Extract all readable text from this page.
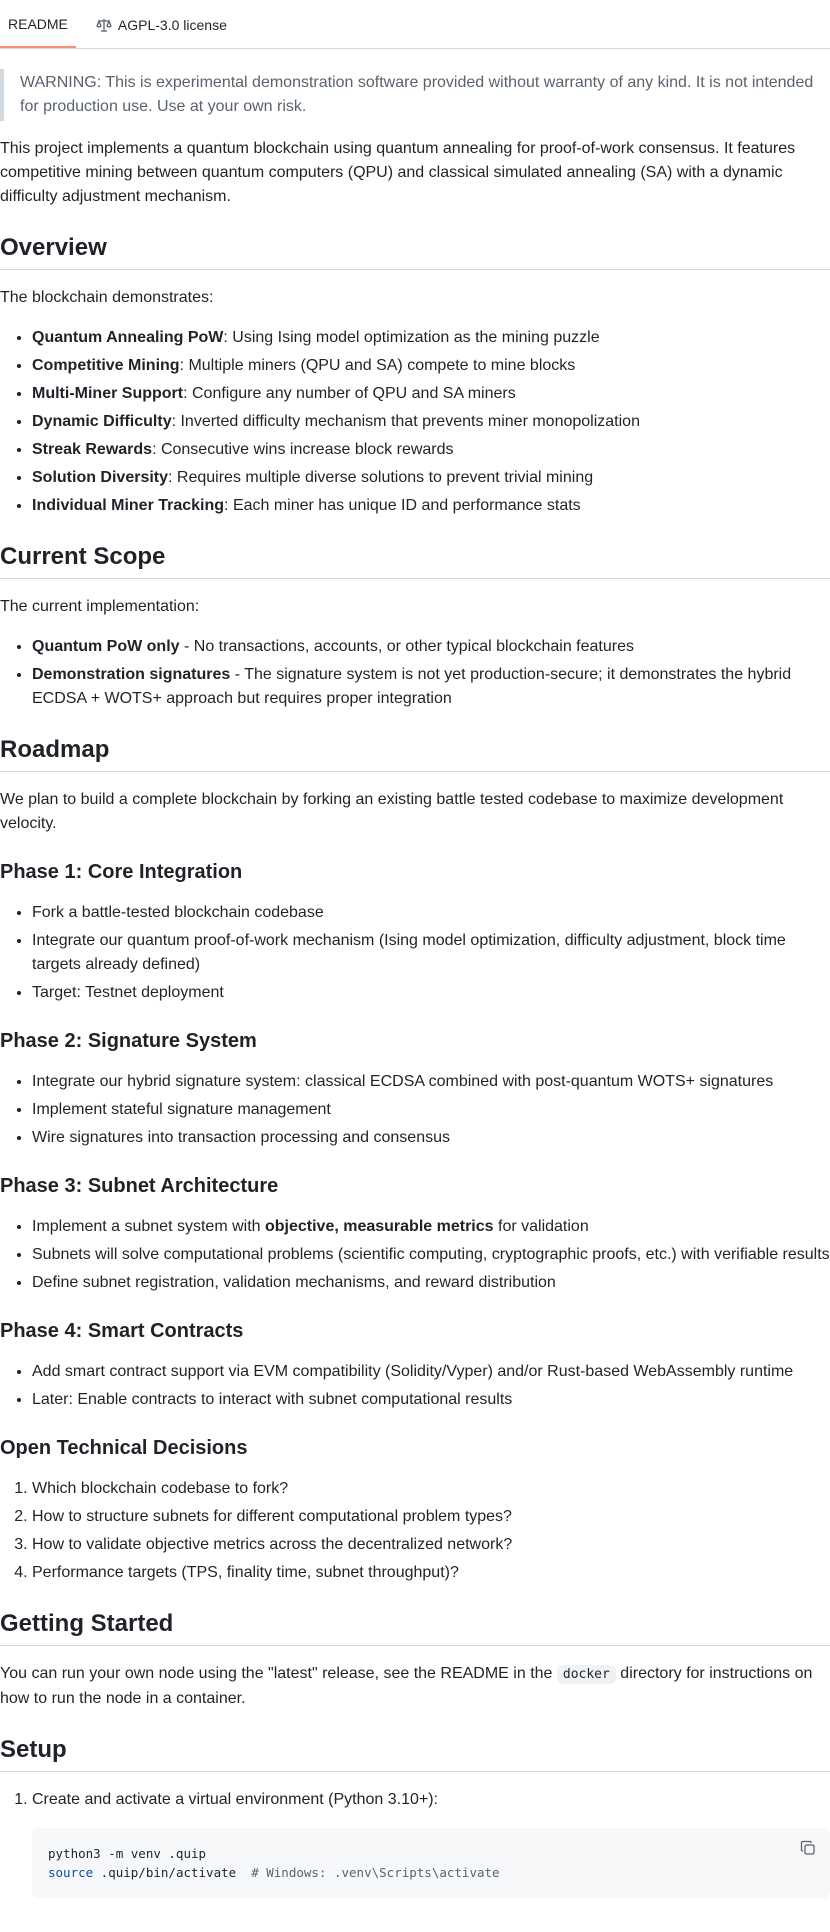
README	AGPL-3.0 license
WARNING: This is experimental demonstration software provided without warranty of any kind. It is not intended for production use. Use at your own risk.

This project implements a quantum blockchain using quantum annealing for proof-of-work consensus. It features competitive mining between quantum computers (QPU) and classical simulated annealing (SA) with a dynamic difficulty adjustment mechanism.

Overview

The blockchain demonstrates:

• Quantum Annealing PoW: Using Ising model optimization as the mining puzzle
• Competitive Mining: Multiple miners (QPU and SA) compete to mine blocks
• Multi-Miner Support: Configure any number of QPU and SA miners
• Dynamic Difficulty: Inverted difficulty mechanism that prevents miner monopolization
• Streak Rewards: Consecutive wins increase block rewards
• Solution Diversity: Requires multiple diverse solutions to prevent trivial mining
• Individual Miner Tracking: Each miner has unique ID and performance stats
Current Scope

The current implementation:

• Quantum PoW only - No transactions, accounts, or other typical blockchain features
• Demonstration signatures - The signature system is not yet production-secure; it demonstrates the hybrid ECDSA + WOTS+ approach but requires proper integration
Roadmap

We plan to build a complete blockchain by forking an existing battle tested codebase to maximize development velocity.

Phase 1: Core Integration
• Fork a battle-tested blockchain codebase
• Integrate our quantum proof-of-work mechanism (Ising model optimization, difficulty adjustment, block time targets already defined)
• Target: Testnet deployment
Phase 2: Signature System
• Integrate our hybrid signature system: classical ECDSA combined with post-quantum WOTS+ signatures
• Implement stateful signature management
• Wire signatures into transaction processing and consensus
Phase 3: Subnet Architecture
• Implement a subnet system with objective, measurable metrics for validation
• Subnets will solve computational problems (scientific computing, cryptographic proofs, etc.) with verifiable results
• Define subnet registration, validation mechanisms, and reward distribution
Phase 4: Smart Contracts
• Add smart contract support via EVM compatibility (Solidity/Vyper) and/or Rust-based WebAssembly runtime
• Later: Enable contracts to interact with subnet computational results
Open Technical Decisions
1. Which blockchain codebase to fork?
2. How to structure subnets for different computational problem types?
3. How to validate objective metrics across the decentralized network?
4. Performance targets (TPS, finality time, subnet throughput)?
Getting Started

You can run your own node using the "latest" release, see the README in the docker directory for instructions on how to run the node in a container.

Setup
1. Create and activate a virtual environment (Python 3.10+):
python3 -m venv .quip
source .quip/bin/activate  # Windows: .venv\Scripts\activate
